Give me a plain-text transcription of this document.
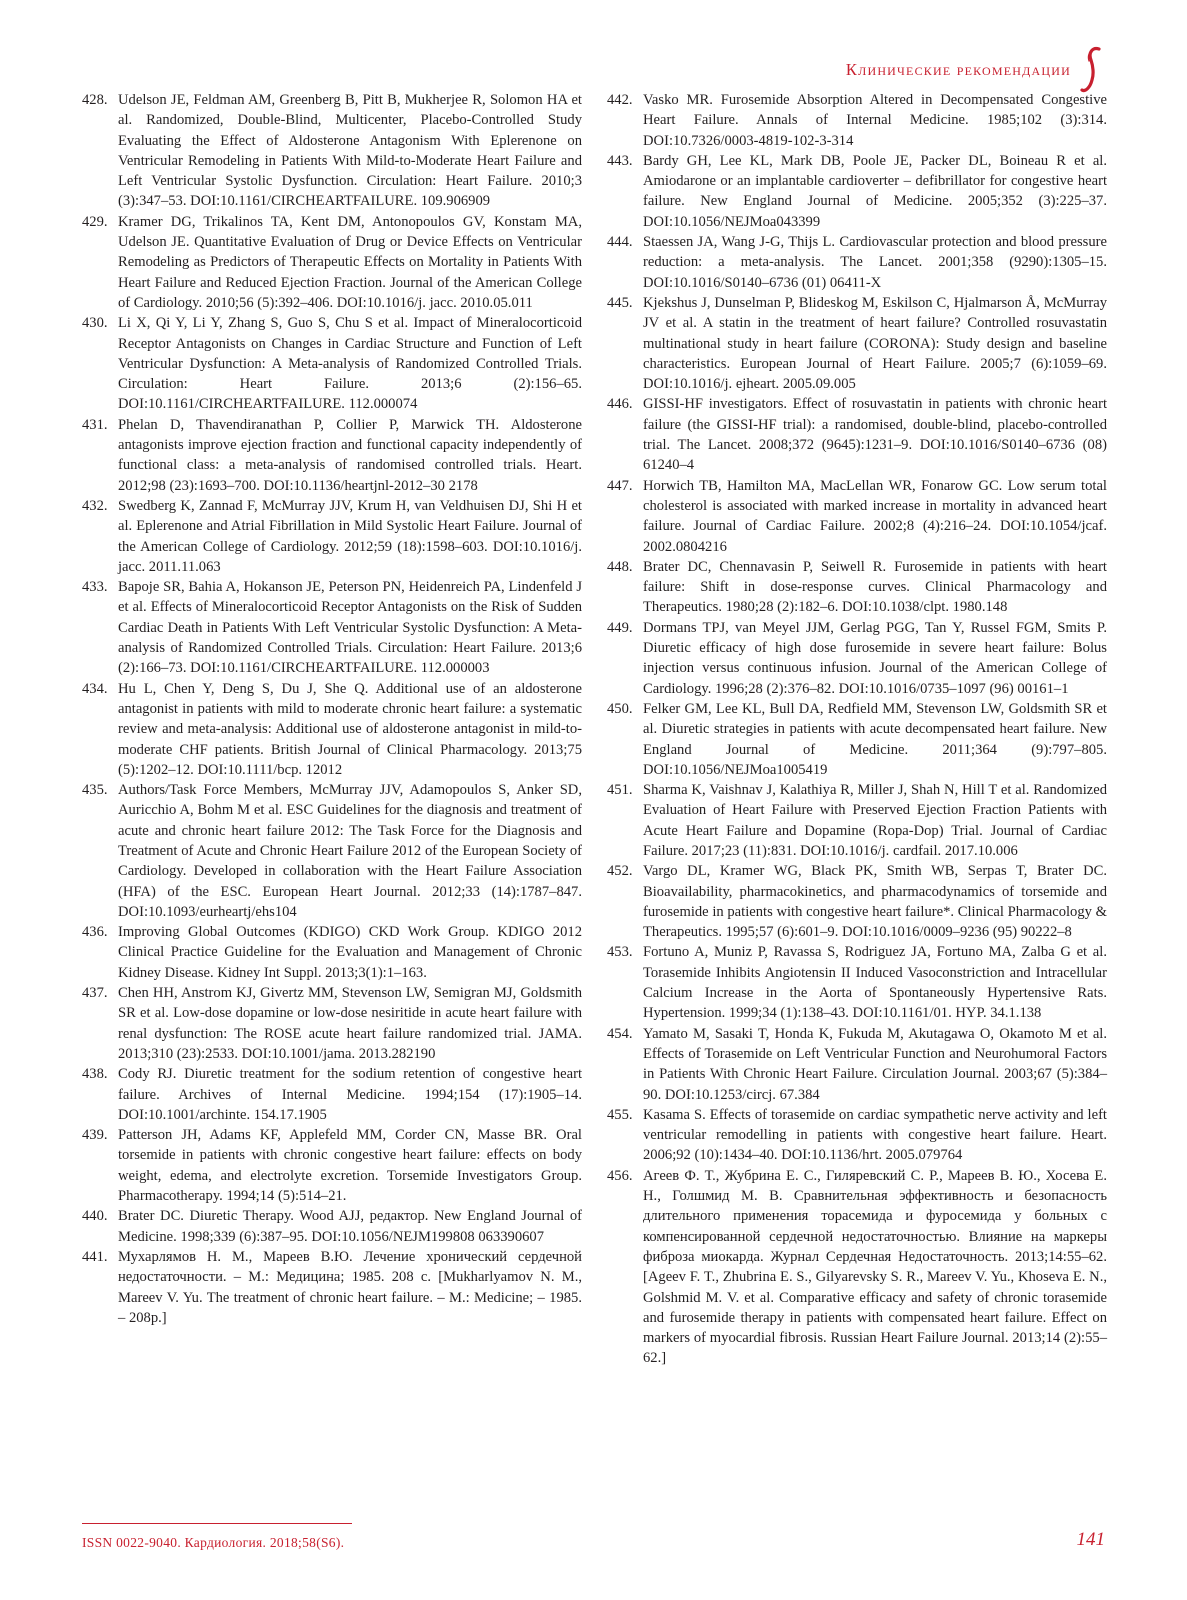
Клинические рекомендации
428. Udelson JE, Feldman AM, Greenberg B, Pitt B, Mukherjee R, Solomon HA et al. Randomized, Double-Blind, Multicenter, Placebo-Controlled Study Evaluating the Effect of Aldosterone Antagonism With Eplerenone on Ventricular Remodeling in Patients With Mild-to-Moderate Heart Failure and Left Ventricular Systolic Dysfunction. Circulation: Heart Failure. 2010;3 (3):347–53. DOI:10.1161/CIRCHEARTFAILURE. 109.906909
429. Kramer DG, Trikalinos TA, Kent DM, Antonopoulos GV, Konstam MA, Udelson JE. Quantitative Evaluation of Drug or Device Effects on Ventricular Remodeling as Predictors of Therapeutic Effects on Mortality in Patients With Heart Failure and Reduced Ejection Fraction. Journal of the American College of Cardiology. 2010;56 (5):392–406. DOI:10.1016/j. jacc. 2010.05.011
430. Li X, Qi Y, Li Y, Zhang S, Guo S, Chu S et al. Impact of Mineralocorticoid Receptor Antagonists on Changes in Cardiac Structure and Function of Left Ventricular Dysfunction: A Meta-analysis of Randomized Controlled Trials. Circulation: Heart Failure. 2013;6 (2):156–65. DOI:10.1161/CIRCHEARTFAILURE. 112.000074
431. Phelan D, Thavendiranathan P, Collier P, Marwick TH. Aldosterone antagonists improve ejection fraction and functional capacity independently of functional class: a meta-analysis of randomised controlled trials. Heart. 2012;98 (23):1693–700. DOI:10.1136/heartjnl-2012–30 2178
432. Swedberg K, Zannad F, McMurray JJV, Krum H, van Veldhuisen DJ, Shi H et al. Eplerenone and Atrial Fibrillation in Mild Systolic Heart Failure. Journal of the American College of Cardiology. 2012;59 (18):1598–603. DOI:10.1016/j. jacc. 2011.11.063
433. Bapoje SR, Bahia A, Hokanson JE, Peterson PN, Heidenreich PA, Lindenfeld J et al. Effects of Mineralocorticoid Receptor Antagonists on the Risk of Sudden Cardiac Death in Patients With Left Ventricular Systolic Dysfunction: A Meta-analysis of Randomized Controlled Trials. Circulation: Heart Failure. 2013;6 (2):166–73. DOI:10.1161/CIRCHEARTFAILURE. 112.000003
434. Hu L, Chen Y, Deng S, Du J, She Q. Additional use of an aldosterone antagonist in patients with mild to moderate chronic heart failure: a systematic review and meta-analysis: Additional use of aldosterone antagonist in mild-to-moderate CHF patients. British Journal of Clinical Pharmacology. 2013;75 (5):1202–12. DOI:10.1111/bcp. 12012
435. Authors/Task Force Members, McMurray JJV, Adamopoulos S, Anker SD, Auricchio A, Bohm M et al. ESC Guidelines for the diagnosis and treatment of acute and chronic heart failure 2012: The Task Force for the Diagnosis and Treatment of Acute and Chronic Heart Failure 2012 of the European Society of Cardiology. Developed in collaboration with the Heart Failure Association (HFA) of the ESC. European Heart Journal. 2012;33 (14):1787–847. DOI:10.1093/eurheartj/ehs104
436. Improving Global Outcomes (KDIGO) CKD Work Group. KDIGO 2012 Clinical Practice Guideline for the Evaluation and Management of Chronic Kidney Disease. Kidney Int Suppl. 2013;3(1):1–163.
437. Chen HH, Anstrom KJ, Givertz MM, Stevenson LW, Semigran MJ, Goldsmith SR et al. Low-dose dopamine or low-dose nesiritide in acute heart failure with renal dysfunction: The ROSE acute heart failure randomized trial. JAMA. 2013;310 (23):2533. DOI:10.1001/jama. 2013.282190
438. Cody RJ. Diuretic treatment for the sodium retention of congestive heart failure. Archives of Internal Medicine. 1994;154 (17):1905–14. DOI:10.1001/archinte. 154.17.1905
439. Patterson JH, Adams KF, Applefeld MM, Corder CN, Masse BR. Oral torsemide in patients with chronic congestive heart failure: effects on body weight, edema, and electrolyte excretion. Torsemide Investigators Group. Pharmacotherapy. 1994;14 (5):514–21.
440. Brater DC. Diuretic Therapy. Wood AJJ, редактор. New England Journal of Medicine. 1998;339 (6):387–95. DOI:10.1056/NEJM199808 063390607
441. Мухарлямов Н. М., Мареев В.Ю. Лечение хронический сердечной недостаточности. – М.: Медицина; 1985. 208 с. [Mukharlyamov N. M., Mareev V. Yu. The treatment of chronic heart failure. – M.: Medicine; – 1985. – 208p.]
442. Vasko MR. Furosemide Absorption Altered in Decompensated Congestive Heart Failure. Annals of Internal Medicine. 1985;102 (3):314. DOI:10.7326/0003-4819-102-3-314
443. Bardy GH, Lee KL, Mark DB, Poole JE, Packer DL, Boineau R et al. Amiodarone or an implantable cardioverter – defibrillator for congestive heart failure. New England Journal of Medicine. 2005;352 (3):225–37. DOI:10.1056/NEJMoa043399
444. Staessen JA, Wang J-G, Thijs L. Cardiovascular protection and blood pressure reduction: a meta-analysis. The Lancet. 2001;358 (9290):1305–15. DOI:10.1016/S0140–6736 (01) 06411-X
445. Kjekshus J, Dunselman P, Blideskog M, Eskilson C, Hjalmarson Å, McMurray JV et al. A statin in the treatment of heart failure? Controlled rosuvastatin multinational study in heart failure (CORONA): Study design and baseline characteristics. European Journal of Heart Failure. 2005;7 (6):1059–69. DOI:10.1016/j. ejheart. 2005.09.005
446. GISSI-HF investigators. Effect of rosuvastatin in patients with chronic heart failure (the GISSI-HF trial): a randomised, double-blind, placebo-controlled trial. The Lancet. 2008;372 (9645):1231–9. DOI:10.1016/S0140–6736 (08) 61240–4
447. Horwich TB, Hamilton MA, MacLellan WR, Fonarow GC. Low serum total cholesterol is associated with marked increase in mortality in advanced heart failure. Journal of Cardiac Failure. 2002;8 (4):216–24. DOI:10.1054/jcaf. 2002.0804216
448. Brater DC, Chennavasin P, Seiwell R. Furosemide in patients with heart failure: Shift in dose-response curves. Clinical Pharmacology and Therapeutics. 1980;28 (2):182–6. DOI:10.1038/clpt. 1980.148
449. Dormans TPJ, van Meyel JJM, Gerlag PGG, Tan Y, Russel FGM, Smits P. Diuretic efficacy of high dose furosemide in severe heart failure: Bolus injection versus continuous infusion. Journal of the American College of Cardiology. 1996;28 (2):376–82. DOI:10.1016/0735–1097 (96) 00161–1
450. Felker GM, Lee KL, Bull DA, Redfield MM, Stevenson LW, Goldsmith SR et al. Diuretic strategies in patients with acute decompensated heart failure. New England Journal of Medicine. 2011;364 (9):797–805. DOI:10.1056/NEJMoa1005419
451. Sharma K, Vaishnav J, Kalathiya R, Miller J, Shah N, Hill T et al. Randomized Evaluation of Heart Failure with Preserved Ejection Fraction Patients with Acute Heart Failure and Dopamine (Ropa-Dop) Trial. Journal of Cardiac Failure. 2017;23 (11):831. DOI:10.1016/j. cardfail. 2017.10.006
452. Vargo DL, Kramer WG, Black PK, Smith WB, Serpas T, Brater DC. Bioavailability, pharmacokinetics, and pharmacodynamics of torsemide and furosemide in patients with congestive heart failure*. Clinical Pharmacology & Therapeutics. 1995;57 (6):601–9. DOI:10.1016/0009–9236 (95) 90222–8
453. Fortuno A, Muniz P, Ravassa S, Rodriguez JA, Fortuno MA, Zalba G et al. Torasemide Inhibits Angiotensin II Induced Vasoconstriction and Intracellular Calcium Increase in the Aorta of Spontaneously Hypertensive Rats. Hypertension. 1999;34 (1):138–43. DOI:10.1161/01. HYP. 34.1.138
454. Yamato M, Sasaki T, Honda K, Fukuda M, Akutagawa O, Okamoto M et al. Effects of Torasemide on Left Ventricular Function and Neurohumoral Factors in Patients With Chronic Heart Failure. Circulation Journal. 2003;67 (5):384–90. DOI:10.1253/circj. 67.384
455. Kasama S. Effects of torasemide on cardiac sympathetic nerve activity and left ventricular remodelling in patients with congestive heart failure. Heart. 2006;92 (10):1434–40. DOI:10.1136/hrt. 2005.079764
456. Агеев Ф. Т., Жубрина Е. С., Гиляревский С. Р., Мареев В. Ю., Хосева Е. Н., Голшмид М. В. Сравнительная эффективность и безопасность длительного применения торасемида и фуросемида у больных с компенсированной сердечной недостаточностью. Влияние на маркеры фиброза миокарда. Журнал Сердечная Недостаточность. 2013;14:55–62. [Ageev F. T., Zhubrina E. S., Gilyarevsky S. R., Mareev V. Yu., Khoseva E. N., Golshmid M. V. et al. Comparative efficacy and safety of chronic torasemide and furosemide therapy in patients with compensated heart failure. Effect on markers of myocardial fibrosis. Russian Heart Failure Journal. 2013;14 (2):55–62.]
ISSN 0022-9040. Кардиология. 2018;58(S6).	141
